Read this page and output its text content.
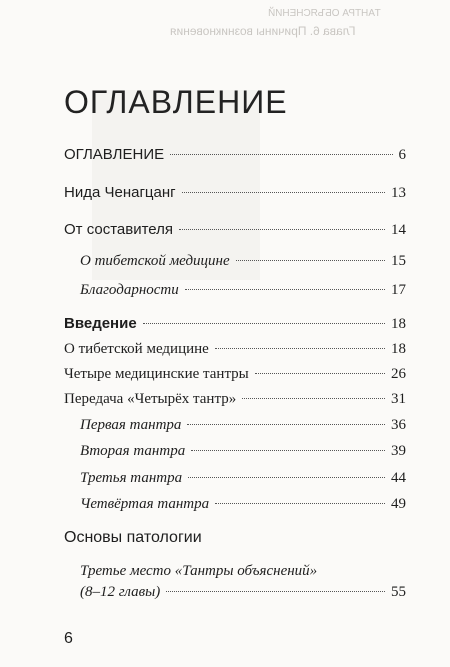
ТАНТРА ОБЪЯСНЕНИЙ
Глава 6. Причины возникновения
ОГЛАВЛЕНИЕ
ОГЛАВЛЕНИЕ	6
Нида Ченагцанг	13
От составителя	14
О тибетской медицине	15
Благодарности	17
Введение	18
О тибетской медицине	18
Четыре медицинские тантры	26
Передача «Четырёх тантр»	31
Первая тантра	36
Вторая тантра	39
Третья тантра	44
Четвёртая тантра	49
Основы патологии
Третье место «Тантры объяснений»
(8–12 главы)	55
6
